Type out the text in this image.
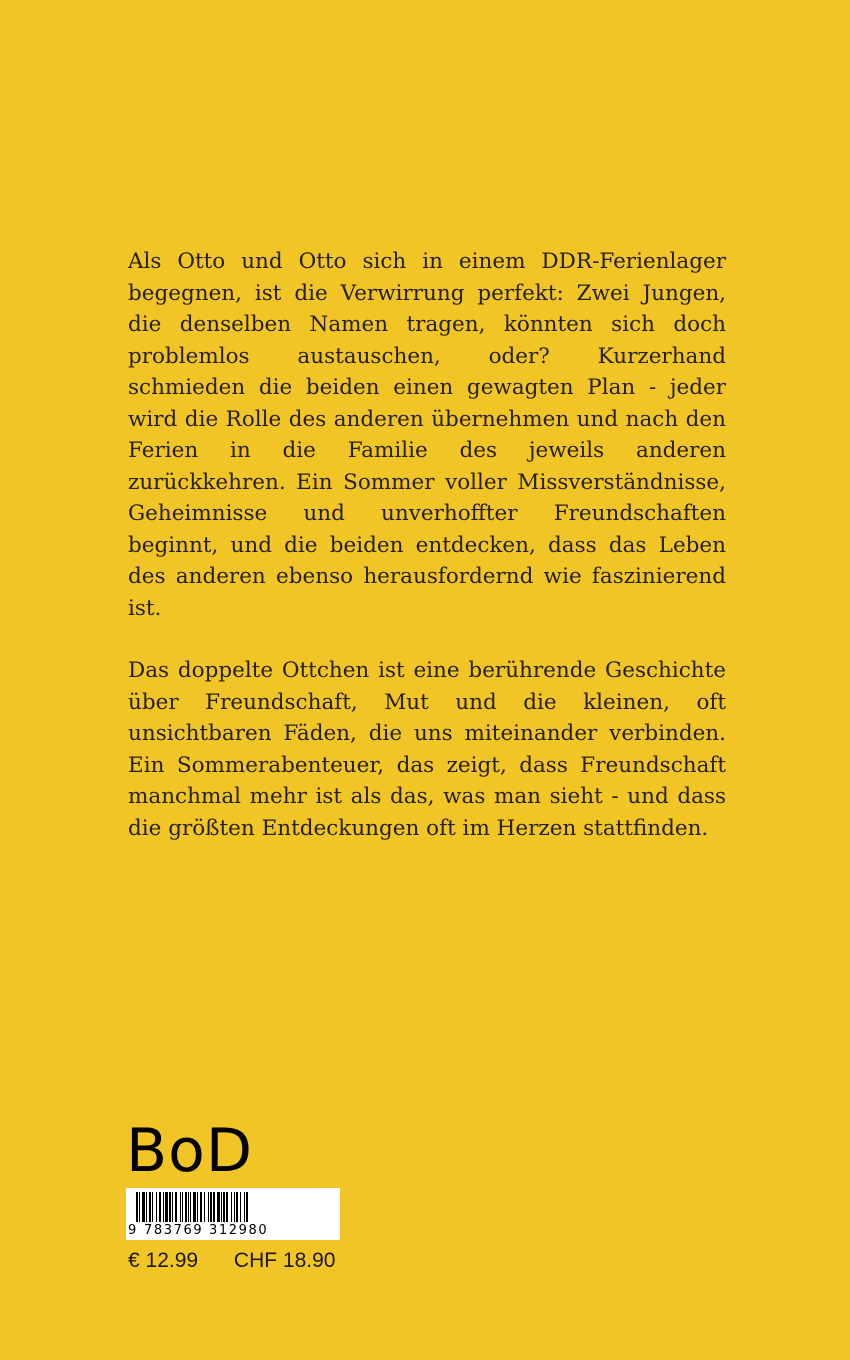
Als Otto und Otto sich in einem DDR-Ferienlager begegnen, ist die Verwirrung perfekt: Zwei Jungen, die denselben Namen tragen, könnten sich doch problemlos austauschen, oder? Kurzerhand schmieden die beiden einen gewagten Plan - jeder wird die Rolle des anderen übernehmen und nach den Ferien in die Familie des jeweils anderen zurückkehren. Ein Sommer voller Missverständnisse, Geheimnisse und unverhoffter Freundschaften beginnt, und die beiden entdecken, dass das Leben des anderen ebenso herausfordernd wie faszinierend ist.

Das doppelte Ottchen ist eine berührende Geschichte über Freundschaft, Mut und die kleinen, oft unsichtbaren Fäden, die uns miteinander verbinden. Ein Sommerabenteuer, das zeigt, dass Freundschaft manchmal mehr ist als das, was man sieht - und dass die größten Entdeckungen oft im Herzen stattfinden.

BoD
9 783769 312980
€ 12.99 CHF 18.90
